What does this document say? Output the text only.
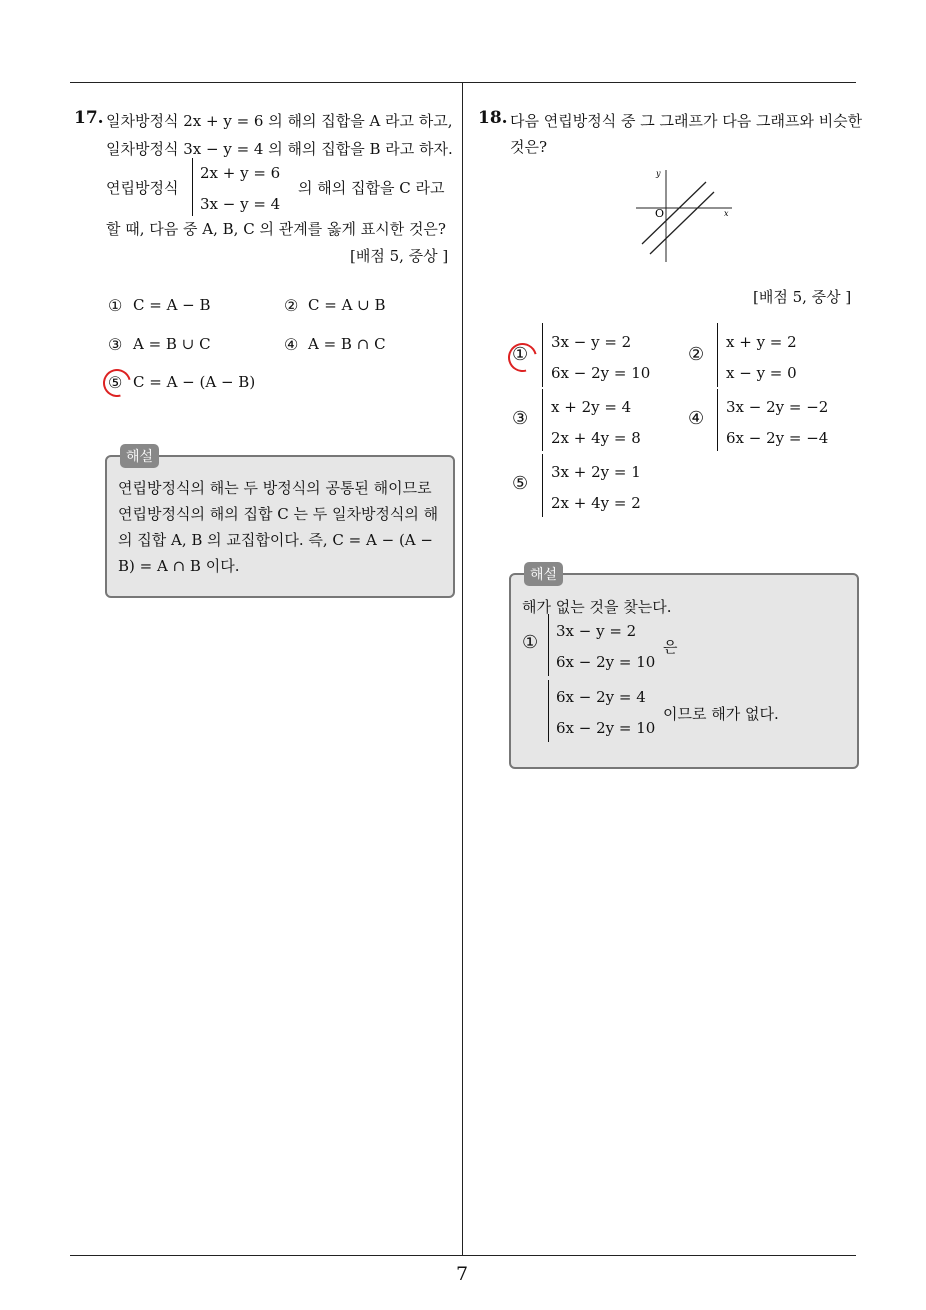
17. 일차방정식 2x + y = 6 의 해의 집합을 A 라고 하고,
일차방정식 3x − y = 4 의 해의 집합을 B 라고 하자.
연립방정식
2x + y = 6
3x − y = 4
의 해의 집합을 C 라고
할 때, 다음 중 A, B, C 의 관계를 옳게 표시한 것은?
[배점 5, 중상 ]
① C = A − B	② C = A ∪ B
③ A = B ∪ C	④ A = B ∩ C
⑤ C = A − (A − B)
해설
연립방정식의 해는 두 방정식의 공통된 해이므로
연립방정식의 해의 집합 C 는 두 일차방정식의 해
의 집합 A, B 의 교집합이다. 즉, C = A − (A −
B) = A ∩ B 이다.
18. 다음 연립방정식 중 그 그래프가 다음 그래프와 비슷한
것은?
y
x
O
[배점 5, 중상 ]
①
3x − y = 2
6x − 2y = 10
②
x + y = 2
x − y = 0
③
x + 2y = 4
2x + 4y = 8
④
3x − 2y = −2
6x − 2y = −4
⑤
3x + 2y = 1
2x + 4y = 2
해설
해가 없는 것을 찾는다.
①
3x − y = 2
6x − 2y = 10
은
6x − 2y = 4
6x − 2y = 10
이므로 해가 없다.
7
